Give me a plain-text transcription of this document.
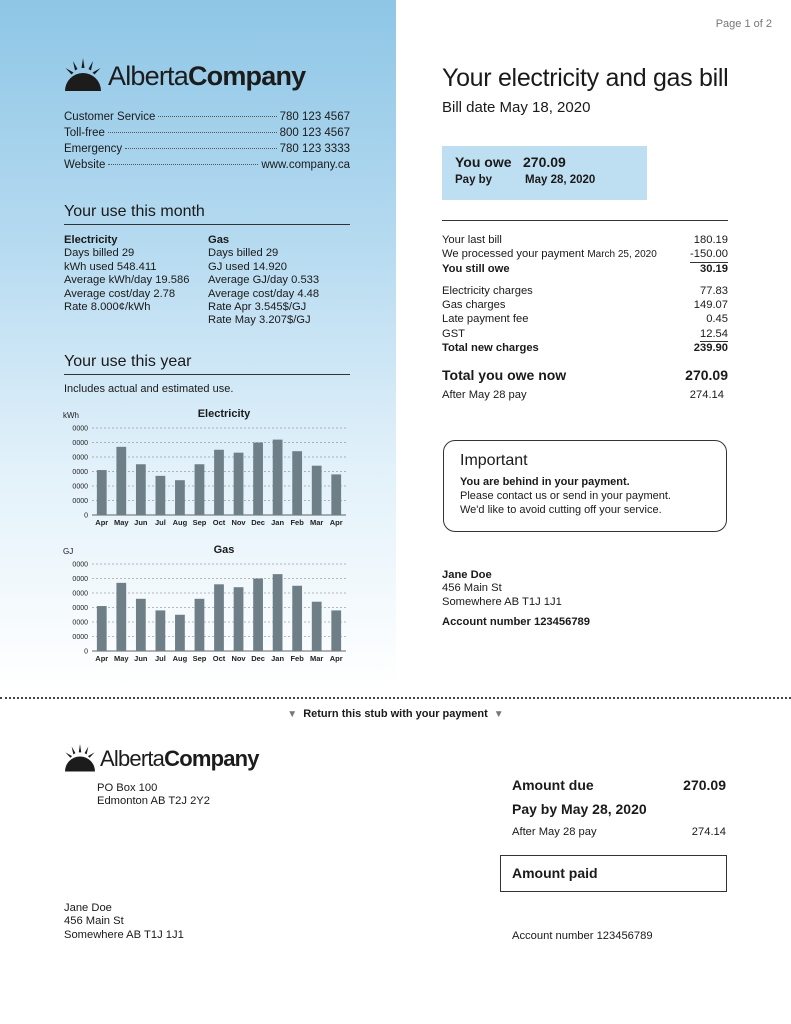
AlbertaCompany
Customer Service	780 123 4567
Toll-free	800 123 4567
Emergency	780 123 3333
Website	www.company.ca
Your use this month
Electricity
Days billed 29
kWh used 548.411
Average kWh/day 19.586
Average cost/day 2.78
Rate 8.000¢/kWh
Gas
Days billed 29
GJ used 14.920
Average GJ/day 0.533
Average cost/day 4.48
Rate Apr 3.545$/GJ
Rate May 3.207$/GJ
Your use this year
Includes actual and estimated use.
kWh	Electricity
0000
0000
0000
0000
0000
0000
0
Apr May Jun Jul Aug Sep Oct Nov Dec Jan Feb Mar Apr
GJ	Gas
0000
0000
0000
0000
0000
0000
0
Apr May Jun Jul Aug Sep Oct Nov Dec Jan Feb Mar Apr
Page 1 of 2
Your electricity and gas bill
Bill date May 18, 2020
You owe 270.09
Pay by	May 28, 2020
Your last bill	180.19
We processed your payment March 25, 2020	-150.00
You still owe	30.19
Electricity charges	77.83
Gas charges	149.07
Late payment fee	0.45
GST	12.54
Total new charges	239.90
Total you owe now	270.09
After May 28 pay	274.14
Important
You are behind in your payment.
Please contact us or send in your payment.
We'd like to avoid cutting off your service.
Jane Doe
456 Main St
Somewhere AB T1J 1J1
Account number 123456789
▼ Return this stub with your payment ▼
AlbertaCompany
PO Box 100
Edmonton AB T2J 2Y2
Jane Doe
456 Main St
Somewhere AB T1J 1J1
Amount due	270.09
Pay by May 28, 2020
After May 28 pay	274.14
Amount paid
Account number 123456789
